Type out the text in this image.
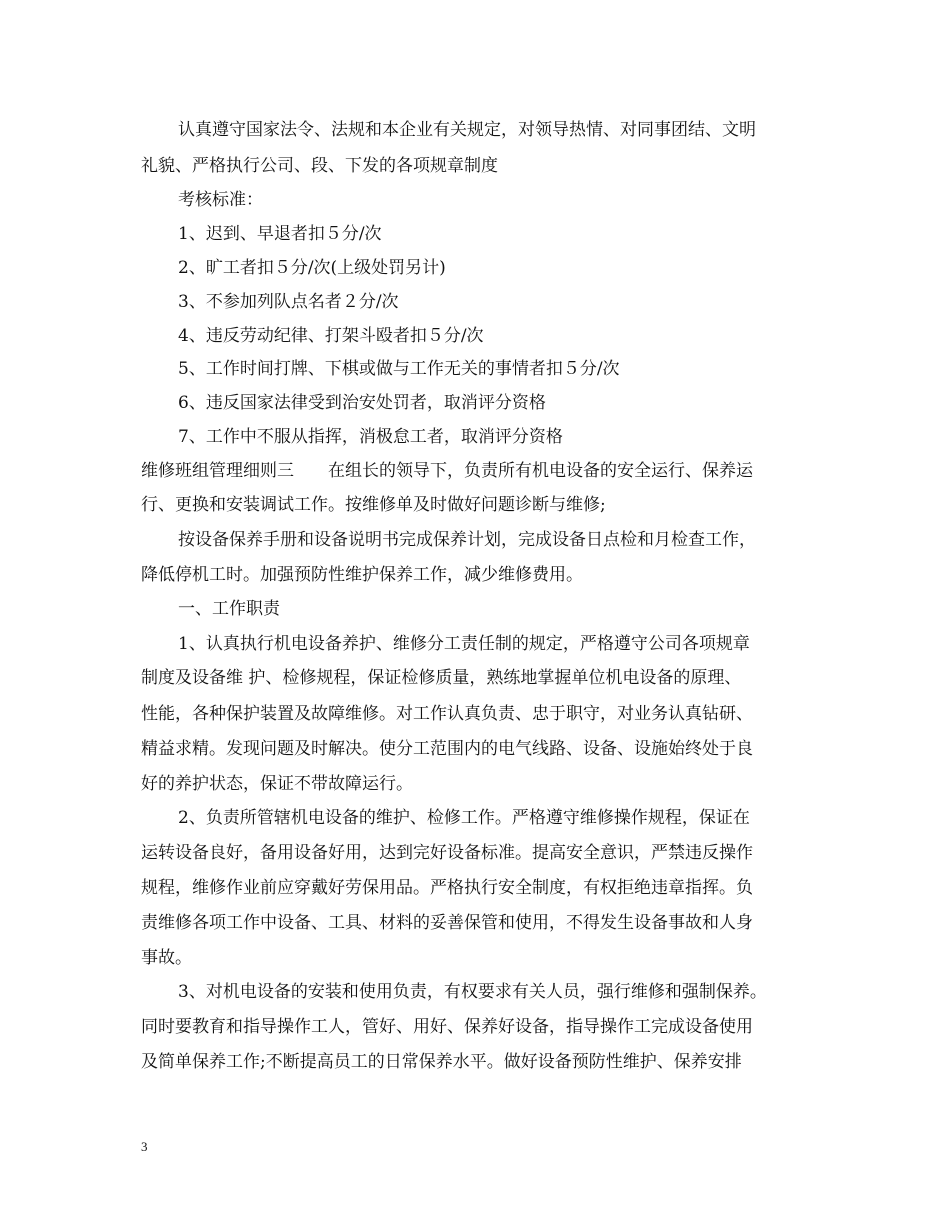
认真遵守国家法令、法规和本企业有关规定，对领导热情、对同事团结、文明
礼貌、严格执行公司、段、下发的各项规章制度
考核标准：
1、迟到、早退者扣５分/次
2、旷工者扣５分/次(上级处罚另计)
3、不参加列队点名者２分/次
4、违反劳动纪律、打架斗殴者扣５分/次
5、工作时间打牌、下棋或做与工作无关的事情者扣５分/次
6、违反国家法律受到治安处罚者，取消评分资格
7、工作中不服从指挥，消极怠工者，取消评分资格
维修班组管理细则三　　在组长的领导下，负责所有机电设备的安全运行、保养运
行、更换和安装调试工作。按维修单及时做好问题诊断与维修;
按设备保养手册和设备说明书完成保养计划，完成设备日点检和月检查工作，
降低停机工时。加强预防性维护保养工作，减少维修费用。
一、工作职责
1、认真执行机电设备养护、维修分工责任制的规定，严格遵守公司各项规章
制度及设备维 护、检修规程，保证检修质量，熟练地掌握单位机电设备的原理、
性能，各种保护装置及故障维修。对工作认真负责、忠于职守，对业务认真钻研、
精益求精。发现问题及时解决。使分工范围内的电气线路、设备、设施始终处于良
好的养护状态，保证不带故障运行。
2、负责所管辖机电设备的维护、检修工作。严格遵守维修操作规程，保证在
运转设备良好，备用设备好用，达到完好设备标准。提高安全意识，严禁违反操作
规程，维修作业前应穿戴好劳保用品。严格执行安全制度，有权拒绝违章指挥。负
责维修各项工作中设备、工具、材料的妥善保管和使用，不得发生设备事故和人身
事故。
3、对机电设备的安装和使用负责，有权要求有关人员，强行维修和强制保养。
同时要教育和指导操作工人，管好、用好、保养好设备，指导操作工完成设备使用
及简单保养工作;不断提高员工的日常保养水平。做好设备预防性维护、保养安排
3
